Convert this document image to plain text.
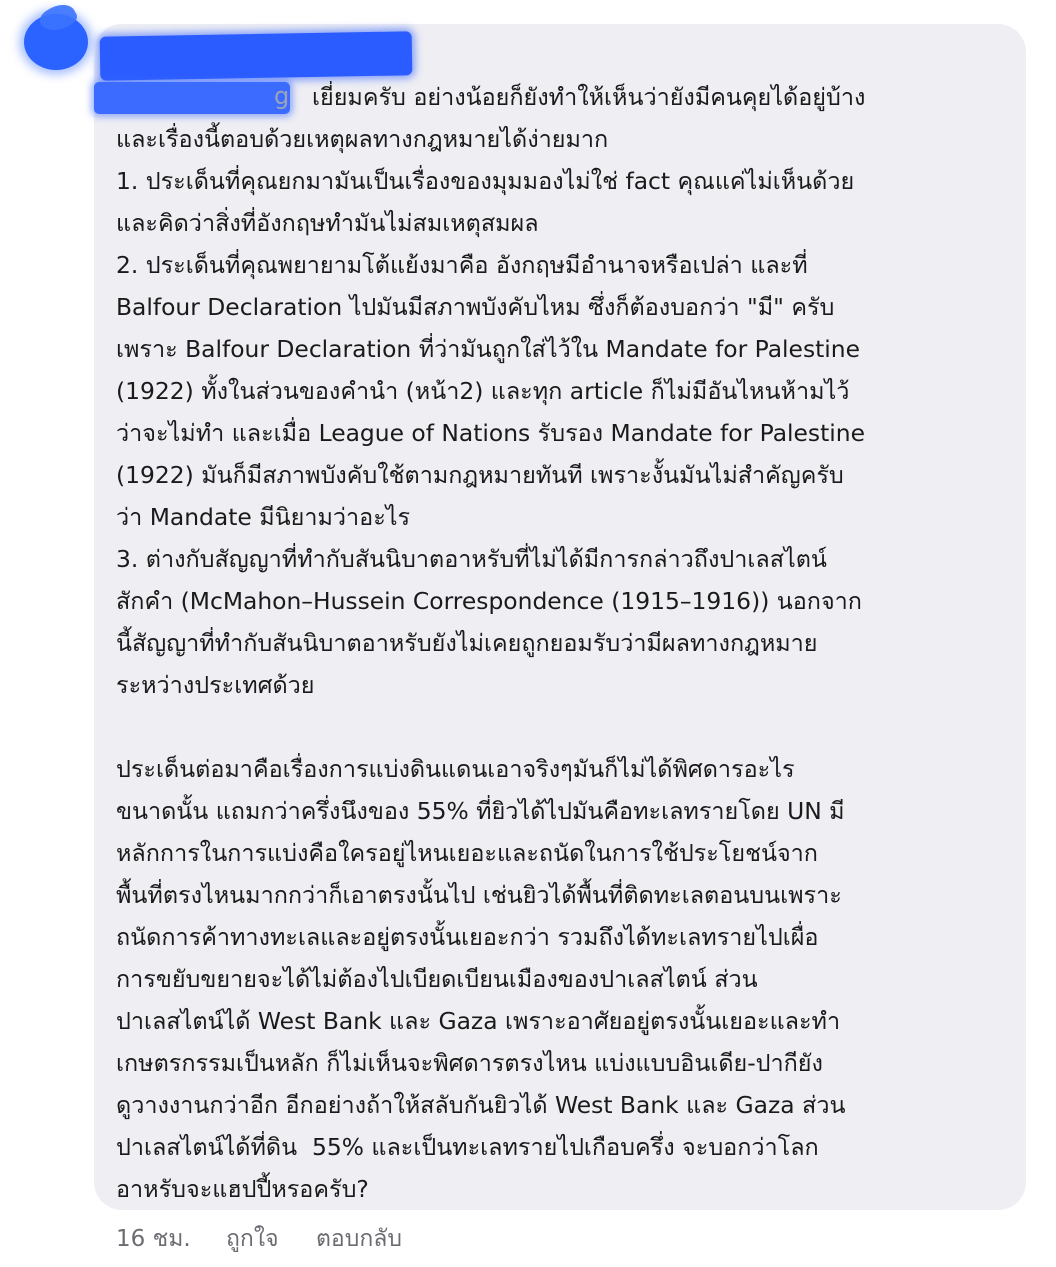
g เยี่ยมครับ อย่างน้อยก็ยังทำให้เห็นว่ายังมีคนคุยได้อยู่บ้าง
และเรื่องนี้ตอบด้วยเหตุผลทางกฎหมายได้ง่ายมาก
1. ประเด็นที่คุณยกมามันเป็นเรื่องของมุมมองไม่ใช่ fact คุณแค่ไม่เห็นด้วย
และคิดว่าสิ่งที่อังกฤษทำมันไม่สมเหตุสมผล
2. ประเด็นที่คุณพยายามโต้แย้งมาคือ อังกฤษมีอำนาจหรือเปล่า และที่
Balfour Declaration ไปมันมีสภาพบังคับไหม ซึ่งก็ต้องบอกว่า "มี" ครับ
เพราะ Balfour Declaration ที่ว่ามันถูกใส่ไว้ใน Mandate for Palestine
(1922) ทั้งในส่วนของคำนำ (หน้า2) และทุก article ก็ไม่มีอันไหนห้ามไว้
ว่าจะไม่ทำ และเมื่อ League of Nations รับรอง Mandate for Palestine
(1922) มันก็มีสภาพบังคับใช้ตามกฎหมายทันที เพราะงั้นมันไม่สำคัญครับ
ว่า Mandate มีนิยามว่าอะไร
3. ต่างกับสัญญาที่ทำกับสันนิบาตอาหรับที่ไม่ได้มีการกล่าวถึงปาเลสไตน์
สักคำ (McMahon–Hussein Correspondence (1915–1916)) นอกจาก
นี้สัญญาที่ทำกับสันนิบาตอาหรับยังไม่เคยถูกยอมรับว่ามีผลทางกฎหมาย
ระหว่างประเทศด้วย

ประเด็นต่อมาคือเรื่องการแบ่งดินแดนเอาจริงๆมันก็ไม่ได้พิศดารอะไร
ขนาดนั้น แถมกว่าครึ่งนึงของ 55% ที่ยิวได้ไปมันคือทะเลทรายโดย UN มี
หลักการในการแบ่งคือใครอยู่ไหนเยอะและถนัดในการใช้ประโยชน์จาก
พื้นที่ตรงไหนมากกว่าก็เอาตรงนั้นไป เช่นยิวได้พื้นที่ติดทะเลตอนบนเพราะ
ถนัดการค้าทางทะเลและอยู่ตรงนั้นเยอะกว่า รวมถึงได้ทะเลทรายไปเผื่อ
การขยับขยายจะได้ไม่ต้องไปเบียดเบียนเมืองของปาเลสไตน์ ส่วน
ปาเลสไตน์ได้ West Bank และ Gaza เพราะอาศัยอยู่ตรงนั้นเยอะและทำ
เกษตรกรรมเป็นหลัก ก็ไม่เห็นจะพิศดารตรงไหน แบ่งแบบอินเดีย-ปากียัง
ดูวางงานกว่าอีก อีกอย่างถ้าให้สลับกันยิวได้ West Bank และ Gaza ส่วน
ปาเลสไตน์ได้ที่ดิน  55% และเป็นทะเลทรายไปเกือบครึ่ง จะบอกว่าโลก
อาหรับจะแฮปปี้หรอครับ?

16 ชม.	ถูกใจ	ตอบกลับ
